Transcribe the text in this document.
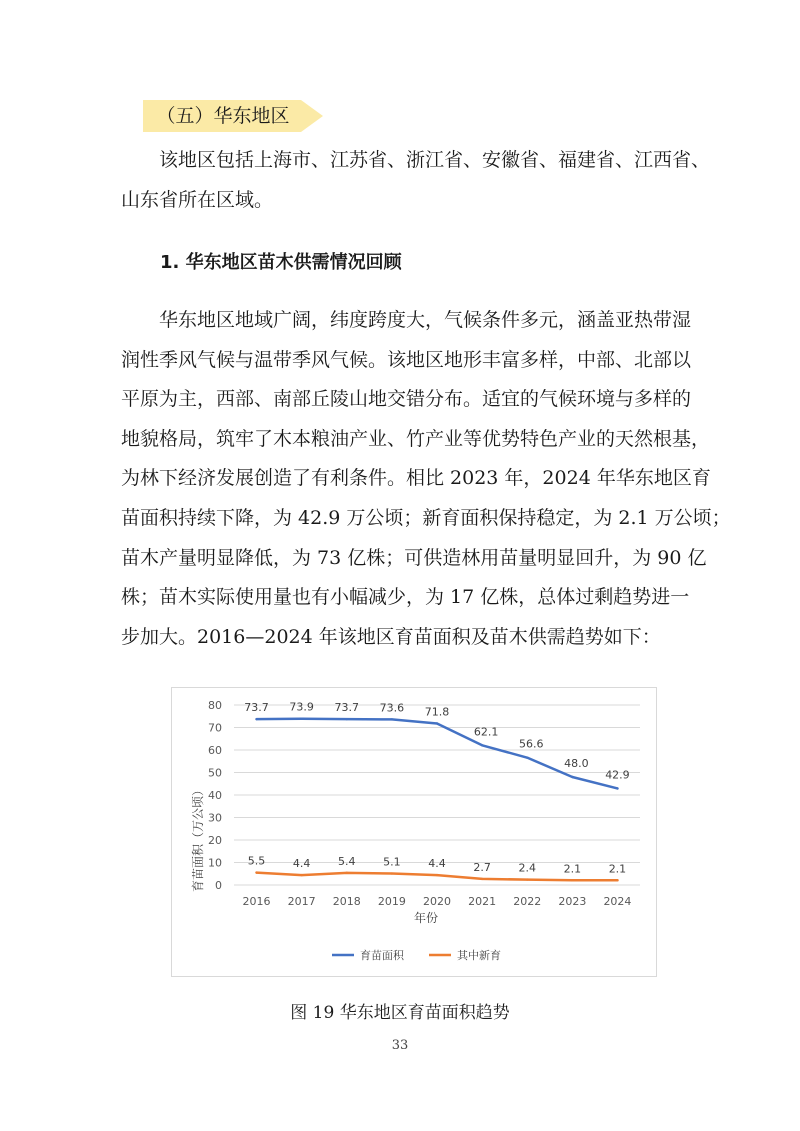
（五）华东地区
该地区包括上海市、江苏省、浙江省、安徽省、福建省、江西省、
山东省所在区域。
1. 华东地区苗木供需情况回顾
华东地区地域广阔，纬度跨度大，气候条件多元，涵盖亚热带湿
润性季风气候与温带季风气候。该地区地形丰富多样，中部、北部以
平原为主，西部、南部丘陵山地交错分布。适宜的气候环境与多样的
地貌格局，筑牢了木本粮油产业、竹产业等优势特色产业的天然根基，
为林下经济发展创造了有利条件。相比 2023 年，2024 年华东地区育
苗面积持续下降，为 42.9 万公顷；新育面积保持稳定，为 2.1 万公顷；
苗木产量明显降低，为 73 亿株；可供造林用苗量明显回升，为 90 亿
株；苗木实际使用量也有小幅减少，为 17 亿株，总体过剩趋势进一
步加大。2016—2024 年该地区育苗面积及苗木供需趋势如下：
0
10
20
30
40
50
60
70
80
2016 2017 2018 2019 2020 2021 2022 2023 2024
73.7 73.9 73.7 73.6 71.8
62.1
56.6
48.0
42.9
5.5	4.4	5.4	5.1	4.4	2.7	2.4	2.1	2.1
育苗面积（万公顷）
年份
育苗面积	其中新育
图 19 华东地区育苗面积趋势
33
